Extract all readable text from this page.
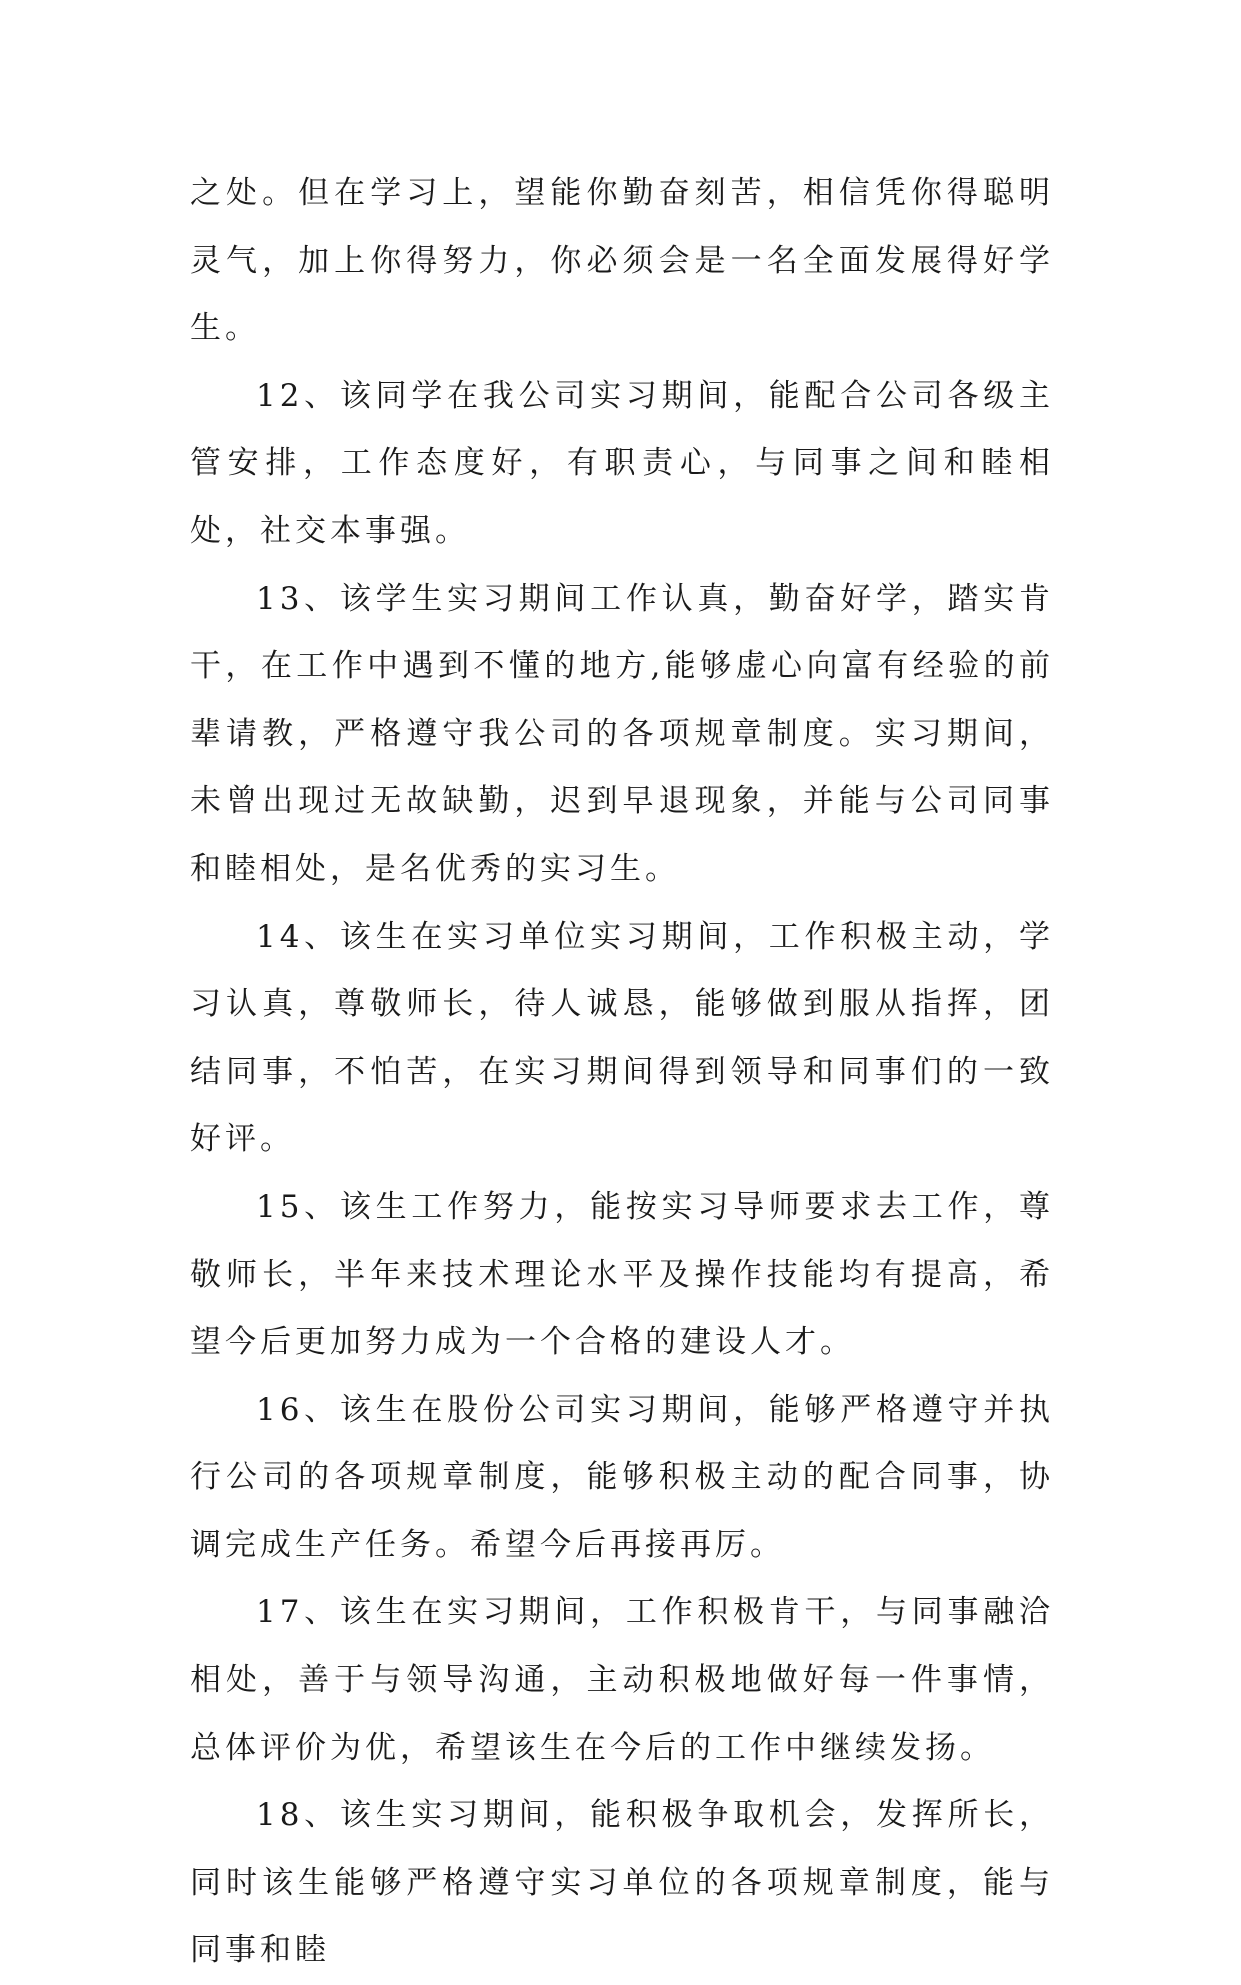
之处。但在学习上，望能你勤奋刻苦，相信凭你得聪明灵气，加上你得努力，你必须会是一名全面发展得好学生。

12、该同学在我公司实习期间，能配合公司各级主管安排，工作态度好，有职责心，与同事之间和睦相处，社交本事强。

13、该学生实习期间工作认真，勤奋好学，踏实肯干，在工作中遇到不懂的地方,能够虚心向富有经验的前辈请教，严格遵守我公司的各项规章制度。实习期间，未曾出现过无故缺勤，迟到早退现象，并能与公司同事和睦相处，是名优秀的实习生。

14、该生在实习单位实习期间，工作积极主动，学习认真，尊敬师长，待人诚恳，能够做到服从指挥，团结同事，不怕苦，在实习期间得到领导和同事们的一致好评。

15、该生工作努力，能按实习导师要求去工作，尊敬师长，半年来技术理论水平及操作技能均有提高，希望今后更加努力成为一个合格的建设人才。

16、该生在股份公司实习期间，能够严格遵守并执行公司的各项规章制度，能够积极主动的配合同事，协调完成生产任务。希望今后再接再厉。

17、该生在实习期间，工作积极肯干，与同事融洽相处，善于与领导沟通，主动积极地做好每一件事情，总体评价为优，希望该生在今后的工作中继续发扬。

18、该生实习期间，能积极争取机会，发挥所长，同时该生能够严格遵守实习单位的各项规章制度，能与同事和睦
